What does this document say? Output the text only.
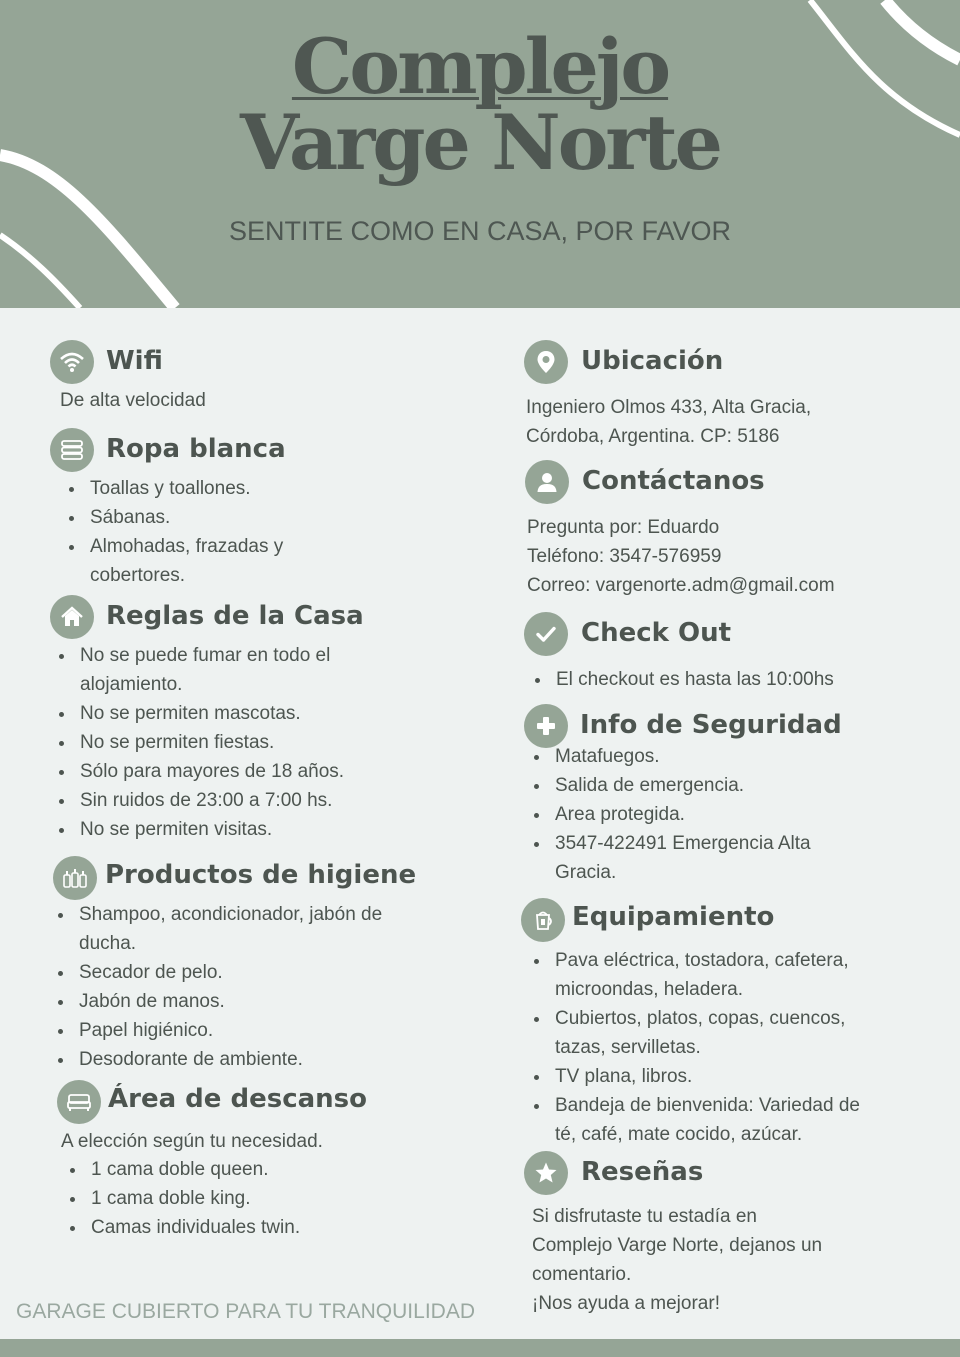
Complejo
Varge Norte
SENTITE COMO EN CASA, POR FAVOR
Wifi

De alta velocidad

Ropa blanca
Toallas y toallones.
Sábanas.
Almohadas, frazadas y cobertores.
Reglas de la Casa
No se puede fumar en todo el alojamiento.
No se permiten mascotas.
No se permiten fiestas.
Sólo para mayores de 18 años.
Sin ruidos de 23:00 a 7:00 hs.
No se permiten visitas.
Productos de higiene
Shampoo, acondicionador, jabón de ducha.
Secador de pelo.
Jabón de manos.
Papel higiénico.
Desodorante de ambiente.
Área de descanso

A elección según tu necesidad.

1 cama doble queen.
1 cama doble king.
Camas individuales twin.
GARAGE CUBIERTO PARA TU TRANQUILIDAD
Ubicación

Ingeniero Olmos 433, Alta Gracia,

Córdoba, Argentina. CP: 5186

Contáctanos

Pregunta por: Eduardo

Teléfono: 3547-576959

Correo: vargenorte.adm@gmail.com

Check Out
El checkout es hasta las 10:00hs
Info de Seguridad
Matafuegos.
Salida de emergencia.
Area protegida.
3547-422491 Emergencia Alta Gracia.
Equipamiento
Pava eléctrica, tostadora, cafetera, microondas, heladera.
Cubiertos, platos, copas, cuencos, tazas, servilletas.
TV plana, libros.
Bandeja de bienvenida: Variedad de té, café, mate cocido, azúcar.
Reseñas

Si disfrutaste tu estadía en

Complejo Varge Norte, dejanos un

comentario.

¡Nos ayuda a mejorar!
